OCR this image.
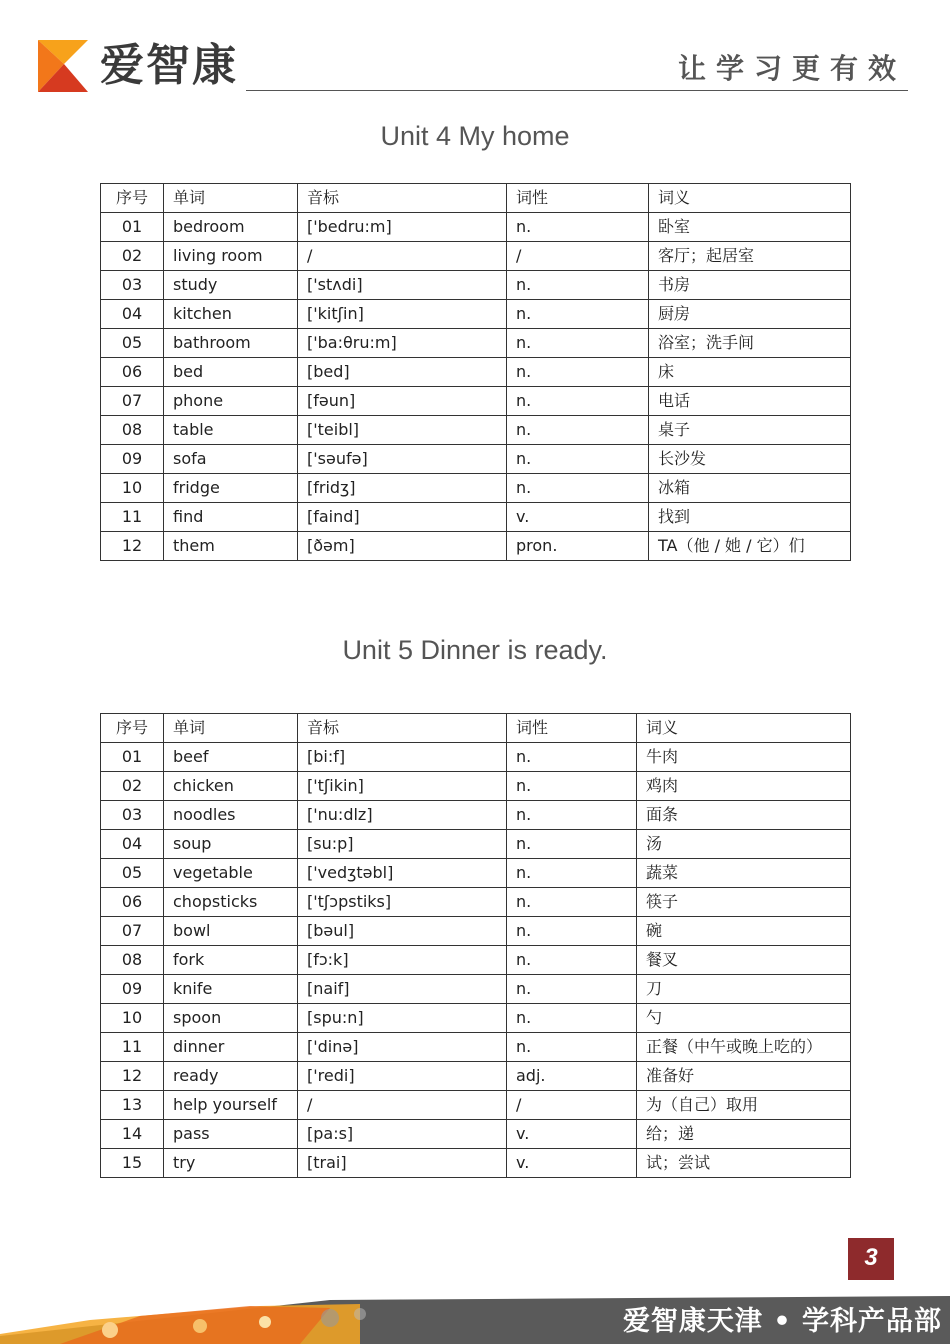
爱智康	让学习更有效
Unit 4 My home
序号	单词	音标	词性	词义
01	bedroom	['bedru:m]	n.	卧室
02	living room	/	/	客厅；起居室
03	study	['stʌdi]	n.	书房
04	kitchen	['kitʃin]	n.	厨房
05	bathroom	['ba:θru:m]	n.	浴室；洗手间
06	bed	[bed]	n.	床
07	phone	[fəun]	n.	电话
08	table	['teibl]	n.	桌子
09	sofa	['səufə]	n.	长沙发
10	fridge	[fridʒ]	n.	冰箱
11	find	[faind]	v.	找到
12	them	[ðəm]	pron.	TA（他 / 她 / 它）们
Unit 5 Dinner is ready.
序号	单词	音标	词性	词义
01	beef	[bi:f]	n.	牛肉
02	chicken	['tʃikin]	n.	鸡肉
03	noodles	['nu:dlz]	n.	面条
04	soup	[su:p]	n.	汤
05	vegetable	['vedʒtəbl]	n.	蔬菜
06	chopsticks	['tʃɔpstiks]	n.	筷子
07	bowl	[bəul]	n.	碗
08	fork	[fɔ:k]	n.	餐叉
09	knife	[naif]	n.	刀
10	spoon	[spu:n]	n.	勺
11	dinner	['dinə]	n.	正餐（中午或晚上吃的）
12	ready	['redi]	adj.	准备好
13	help yourself	/	/	为（自己）取用
14	pass	[pa:s]	v.	给；递
15	try	[trai]	v.	试；尝试
3
爱智康天津 • 学科产品部
